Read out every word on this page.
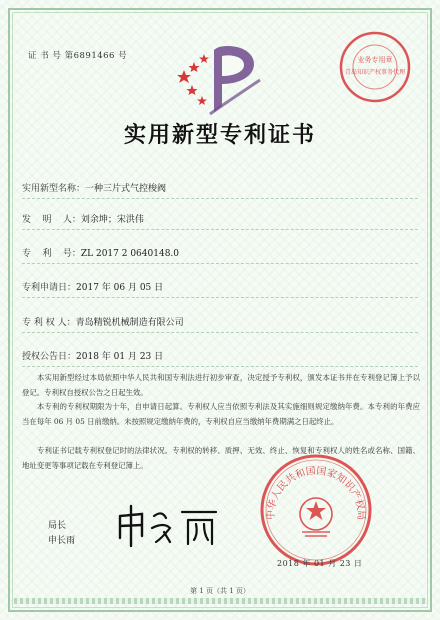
证 书 号 第6891466 号	业务专用章
青岛知识产权事务代理
实用新型专利证书
实用新型名称：一种三片式气控梭阀
发    明    人：刘余坤；宋洪伟
专    利    号：ZL 2017 2 0640148.0
专利申请日：2017 年 06 月 05 日
专 利 权 人：青岛精锐机械制造有限公司
授权公告日：2018 年 01 月 23 日
本实用新型经过本局依照中华人民共和国专利法进行初步审查，决定授予专利权，颁发本证书并在专利登记簿上予以登记。专利权自授权公告之日起生效。
本专利的专利权期限为十年，自申请日起算。专利权人应当依照专利法及其实施细则规定缴纳年费。本专利的年费应当在每年 06 月 05 日前缴纳。未按照规定缴纳年费的，专利权自应当缴纳年费期满之日起终止。
专利证书记载专利权登记时的法律状况。专利权的转移、质押、无效、终止、恢复和专利权人的姓名或名称、国籍、地址变更等事项记载在专利登记簿上。
局长
申长雨
中华人民共和国国家知识产权局
2018 年 01 月 23 日
第 1 页（共 1 页）
